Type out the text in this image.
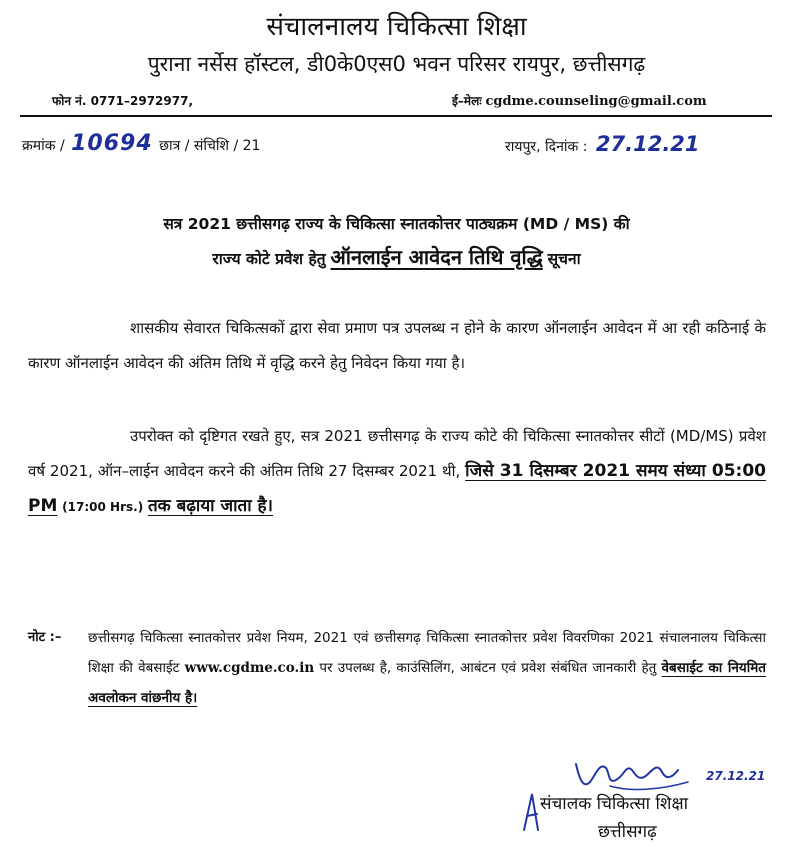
संचालनालय चिकित्सा शिक्षा
पुराना नर्सेस हॉस्टल, डी0के0एस0 भवन परिसर रायपुर, छत्तीसगढ़
फोन नं. 0771–2972977,	ई–मेलः cgdme.counseling@gmail.com
क्रमांक / 10694 छात्र / संचिशि / 21	रायपुर, दिनांक : 27.12.21
सत्र 2021 छत्तीसगढ़ राज्य के चिकित्सा स्नातकोत्तर पाठ्यक्रम (MD / MS) की
राज्य कोटे प्रवेश हेतु ऑनलाईन आवेदन तिथि वृद्धि सूचना
शासकीय सेवारत चिकित्सकों द्वारा सेवा प्रमाण पत्र उपलब्ध न होने के कारण ऑनलाईन आवेदन में आ रही कठिनाई के कारण ऑनलाईन आवेदन की अंतिम तिथि में वृद्धि करने हेतु निवेदन किया गया है।
उपरोक्त को दृष्टिगत रखते हुए, सत्र 2021 छत्तीसगढ़ के राज्य कोटे की चिकित्सा स्नातकोत्तर सीटों (MD/MS) प्रवेश वर्ष 2021, ऑन–लाईन आवेदन करने की अंतिम तिथि 27 दिसम्बर 2021 थी, जिसे 31 दिसम्बर 2021 समय संध्या 05:00 PM (17:00 Hrs.) तक बढ़ाया जाता है।
नोट :– छत्तीसगढ़ चिकित्सा स्नातकोत्तर प्रवेश नियम, 2021 एवं छत्तीसगढ़ चिकित्सा स्नातकोत्तर प्रवेश विवरणिका 2021 संचालनालय चिकित्सा शिक्षा की वेबसाईट www.cgdme.co.in पर उपलब्ध है, काउंसिलिंग, आबंटन एवं प्रवेश संबंधित जानकारी हेतु वेबसाईट का नियमित अवलोकन वांछनीय है।
27.12.21
संचालक चिकित्सा शिक्षा
छत्तीसगढ़
